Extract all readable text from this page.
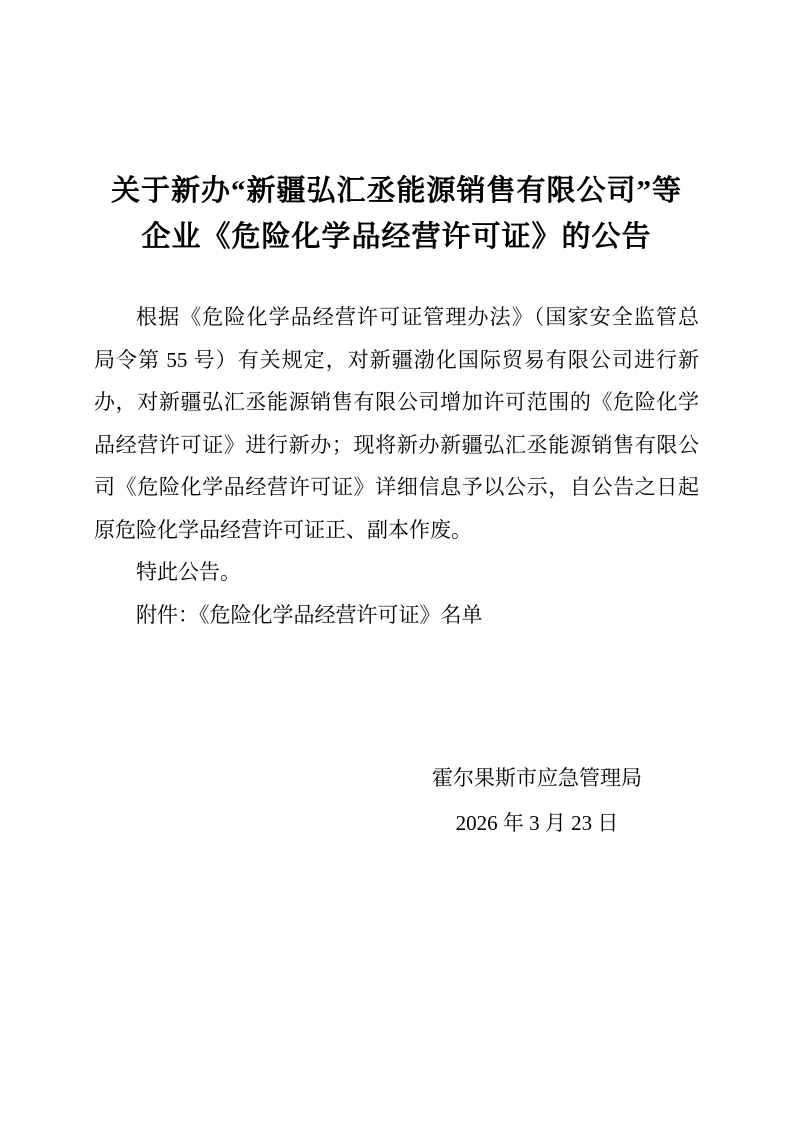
关于新办“新疆弘汇丞能源销售有限公司”等
企业《危险化学品经营许可证》的公告

根据《危险化学品经营许可证管理办法》（国家安全监管总

局令第 55 号）有关规定，对新疆渤化国际贸易有限公司进行新

办，对新疆弘汇丞能源销售有限公司增加许可范围的《危险化学

品经营许可证》进行新办；现将新办新疆弘汇丞能源销售有限公

司《危险化学品经营许可证》详细信息予以公示，自公告之日起

原危险化学品经营许可证正、副本作废。

特此公告。

附件：《危险化学品经营许可证》名单

霍尔果斯市应急管理局

2026 年 3 月 23 日
